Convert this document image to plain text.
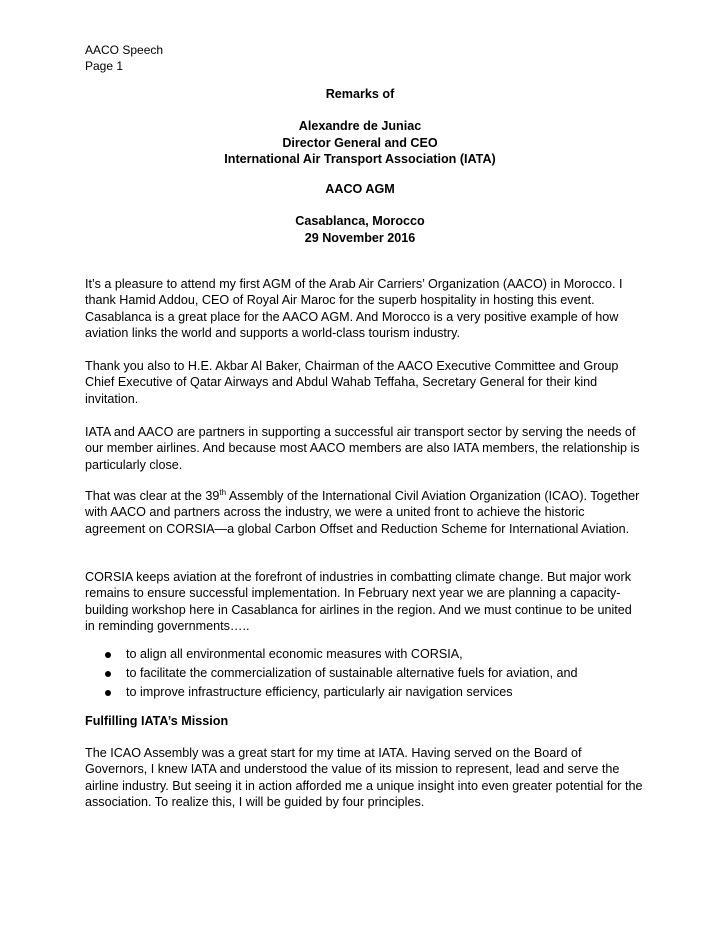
AACO Speech
Page 1
Remarks of
Alexandre de Juniac
Director General and CEO
International Air Transport Association (IATA)
AACO AGM
Casablanca, Morocco
29 November 2016

It’s a pleasure to attend my first AGM of the Arab Air Carriers’ Organization (AACO) in Morocco. I thank Hamid Addou, CEO of Royal Air Maroc for the superb hospitality in hosting this event. Casablanca is a great place for the AACO AGM. And Morocco is a very positive example of how aviation links the world and supports a world-class tourism industry.

Thank you also to H.E. Akbar Al Baker, Chairman of the AACO Executive Committee and Group Chief Executive of Qatar Airways and Abdul Wahab Teffaha, Secretary General for their kind invitation.

IATA and AACO are partners in supporting a successful air transport sector by serving the needs of our member airlines. And because most AACO members are also IATA members, the relationship is particularly close.

That was clear at the 39th Assembly of the International Civil Aviation Organization (ICAO). Together with AACO and partners across the industry, we were a united front to achieve the historic agreement on CORSIA—a global Carbon Offset and Reduction Scheme for International Aviation.

CORSIA keeps aviation at the forefront of industries in combatting climate change. But major work remains to ensure successful implementation. In February next year we are planning a capacity-building workshop here in Casablanca for airlines in the region. And we must continue to be united in reminding governments…..

to align all environmental economic measures with CORSIA,
to facilitate the commercialization of sustainable alternative fuels for aviation, and
to improve infrastructure efficiency, particularly air navigation services
Fulfilling IATA’s Mission

The ICAO Assembly was a great start for my time at IATA. Having served on the Board of Governors, I knew IATA and understood the value of its mission to represent, lead and serve the airline industry. But seeing it in action afforded me a unique insight into even greater potential for the association. To realize this, I will be guided by four principles.
